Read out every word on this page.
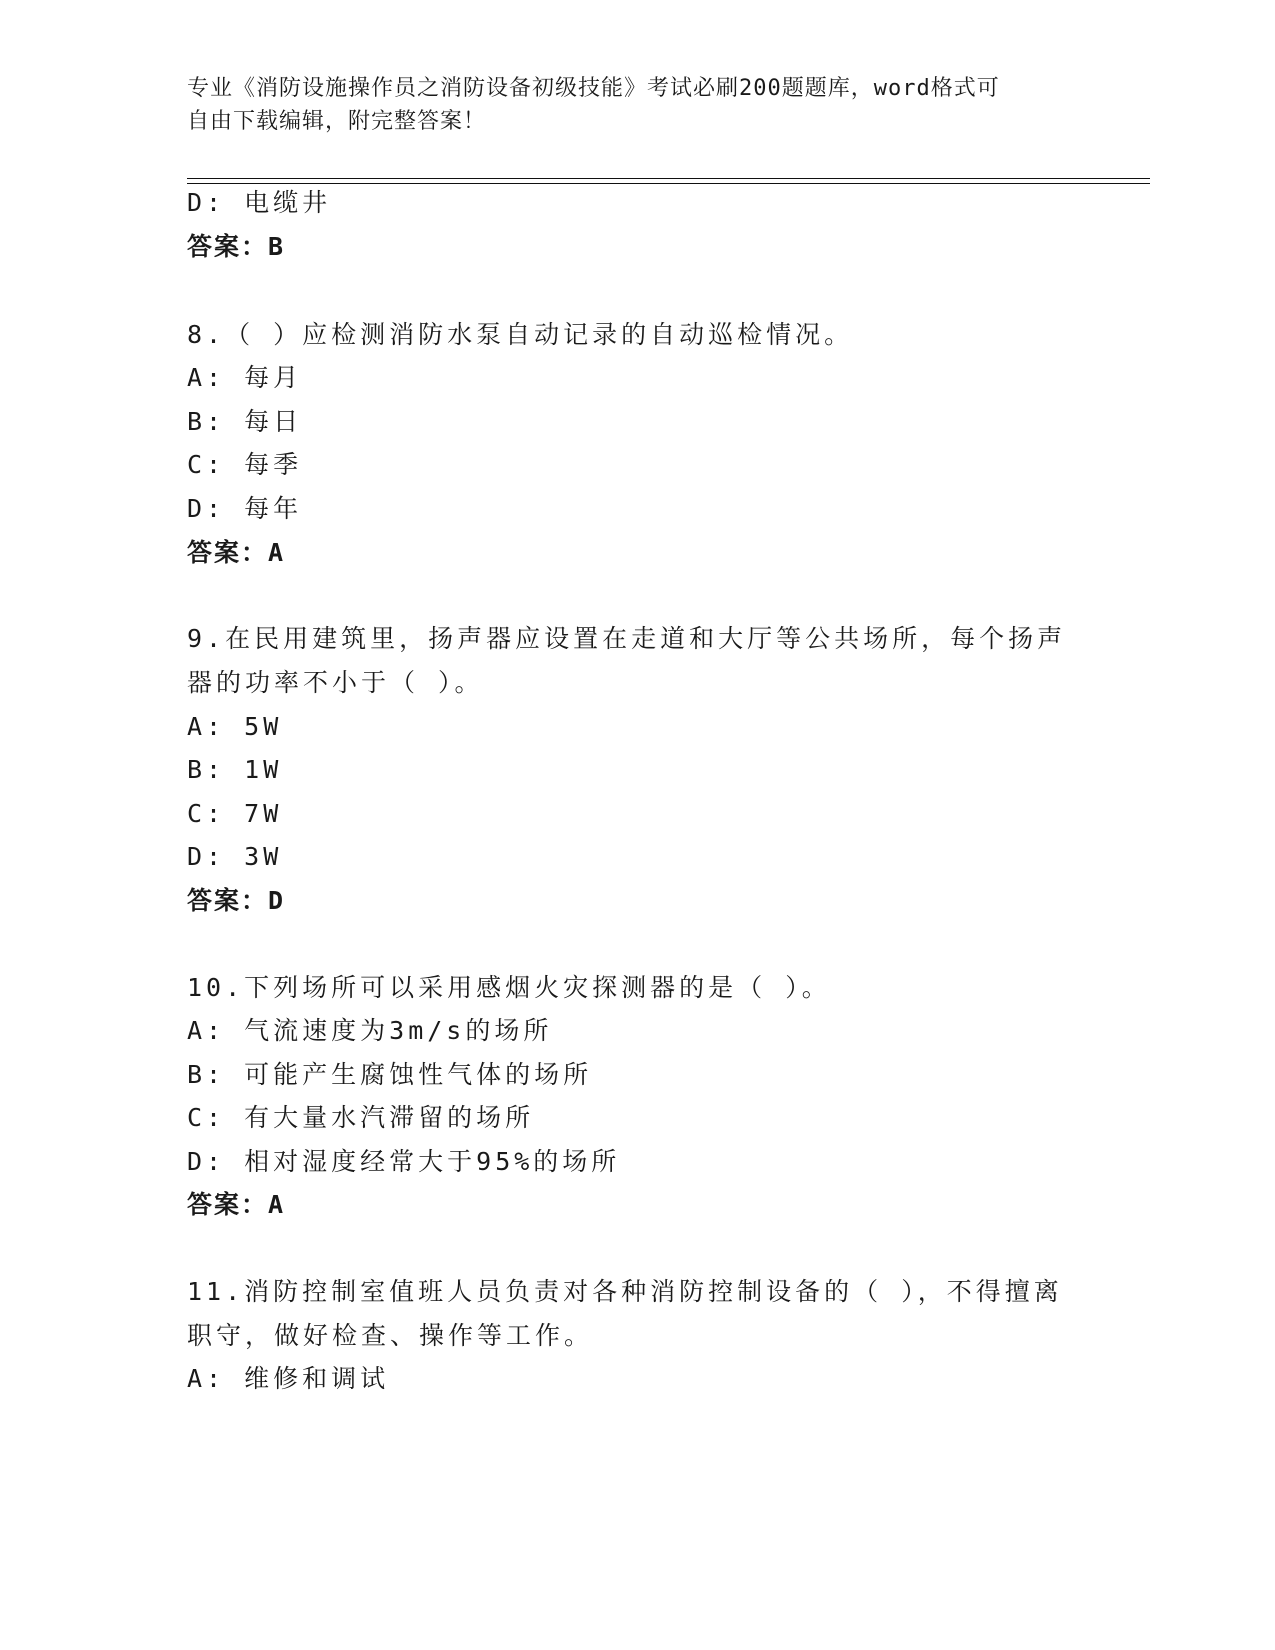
专业《消防设施操作员之消防设备初级技能》考试必刷200题题库，word格式可
自由下载编辑，附完整答案！
D: 电缆井
答案：B
8.（ ）应检测消防水泵自动记录的自动巡检情况。
A: 每月
B: 每日
C: 每季
D: 每年
答案：A
9.在民用建筑里，扬声器应设置在走道和大厅等公共场所，每个扬声
器的功率不小于（ ）。
A: 5W
B: 1W
C: 7W
D: 3W
答案：D
10.下列场所可以采用感烟火灾探测器的是（ ）。
A: 气流速度为3m/s的场所
B: 可能产生腐蚀性气体的场所
C: 有大量水汽滞留的场所
D: 相对湿度经常大于95%的场所
答案：A
11.消防控制室值班人员负责对各种消防控制设备的（ ），不得擅离
职守，做好检查、操作等工作。
A: 维修和调试
